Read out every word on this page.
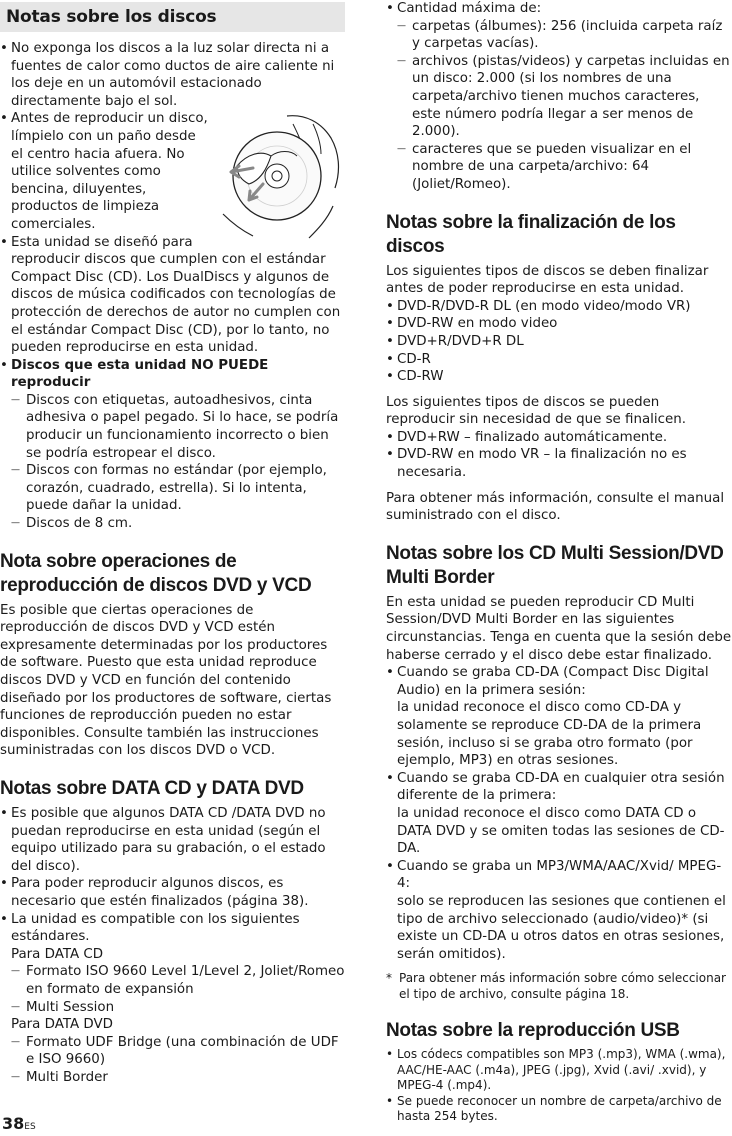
Notas sobre los discos
• No exponga los discos a la luz solar directa ni a fuentes de calor como ductos de aire caliente ni los deje en un automóvil estacionado directamente bajo el sol.
• Antes de reproducir un disco, límpielo con un paño desde el centro hacia afuera. No utilice solventes como bencina, diluyentes, productos de limpieza comerciales.
• Esta unidad se diseñó para reproducir discos que cumplen con el estándar Compact Disc (CD). Los DualDiscs y algunos de discos de música codificados con tecnologías de protección de derechos de autor no cumplen con el estándar Compact Disc (CD), por lo tanto, no pueden reproducirse en esta unidad.
• Discos que esta unidad NO PUEDE reproducir
— Discos con etiquetas, autoadhesivos, cinta adhesiva o papel pegado. Si lo hace, se podría producir un funcionamiento incorrecto o bien se podría estropear el disco.
— Discos con formas no estándar (por ejemplo, corazón, cuadrado, estrella). Si lo intenta, puede dañar la unidad.
— Discos de 8 cm.
Nota sobre operaciones de reproducción de discos DVD y VCD

Es posible que ciertas operaciones de reproducción de discos DVD y VCD estén expresamente determinadas por los productores de software. Puesto que esta unidad reproduce discos DVD y VCD en función del contenido diseñado por los productores de software, ciertas funciones de reproducción pueden no estar disponibles. Consulte también las instrucciones suministradas con los discos DVD o VCD.

Notas sobre DATA CD y DATA DVD
• Es posible que algunos DATA CD /DATA DVD no puedan reproducirse en esta unidad (según el equipo utilizado para su grabación, o el estado del disco).
• Para poder reproducir algunos discos, es necesario que estén finalizados (página 38).
• La unidad es compatible con los siguientes estándares.
Para DATA CD
— Formato ISO 9660 Level 1/Level 2, Joliet/Romeo en formato de expansión
— Multi Session
Para DATA DVD
— Formato UDF Bridge (una combinación de UDF e ISO 9660)
— Multi Border
• Cantidad máxima de:
— carpetas (álbumes): 256 (incluida carpeta raíz y carpetas vacías).
— archivos (pistas/videos) y carpetas incluidas en un disco: 2.000 (si los nombres de una carpeta/archivo tienen muchos caracteres, este número podría llegar a ser menos de 2.000).
— caracteres que se pueden visualizar en el nombre de una carpeta/archivo: 64 (Joliet/Romeo).
Notas sobre la finalización de los discos

Los siguientes tipos de discos se deben finalizar antes de poder reproducirse en esta unidad.

• DVD-R/DVD-R DL (en modo video/modo VR)
• DVD-RW en modo video
• DVD+R/DVD+R DL
• CD-R
• CD-RW

Los siguientes tipos de discos se pueden reproducir sin necesidad de que se finalicen.

• DVD+RW – finalizado automáticamente.
• DVD-RW en modo VR – la finalización no es necesaria.

Para obtener más información, consulte el manual suministrado con el disco.

Notas sobre los CD Multi Session/DVD Multi Border

En esta unidad se pueden reproducir CD Multi Session/DVD Multi Border en las siguientes circunstancias. Tenga en cuenta que la sesión debe haberse cerrado y el disco debe estar finalizado.

• Cuando se graba CD-DA (Compact Disc Digital Audio) en la primera sesión:
la unidad reconoce el disco como CD-DA y solamente se reproduce CD-DA de la primera sesión, incluso si se graba otro formato (por ejemplo, MP3) en otras sesiones.
• Cuando se graba CD-DA en cualquier otra sesión diferente de la primera:
la unidad reconoce el disco como DATA CD o DATA DVD y se omiten todas las sesiones de CD-DA.
• Cuando se graba un MP3/WMA/AAC/Xvid/ MPEG-4:
solo se reproducen las sesiones que contienen el tipo de archivo seleccionado (audio/video)* (si existe un CD-DA u otros datos en otras sesiones, serán omitidos).

* Para obtener más información sobre cómo seleccionar el tipo de archivo, consulte página 18.

Notas sobre la reproducción USB
• Los códecs compatibles son MP3 (.mp3), WMA (.wma), AAC/HE-AAC (.m4a), JPEG (.jpg), Xvid (.avi/ .xvid), y MPEG-4 (.mp4).
• Se puede reconocer un nombre de carpeta/archivo de hasta 254 bytes.
38ES
